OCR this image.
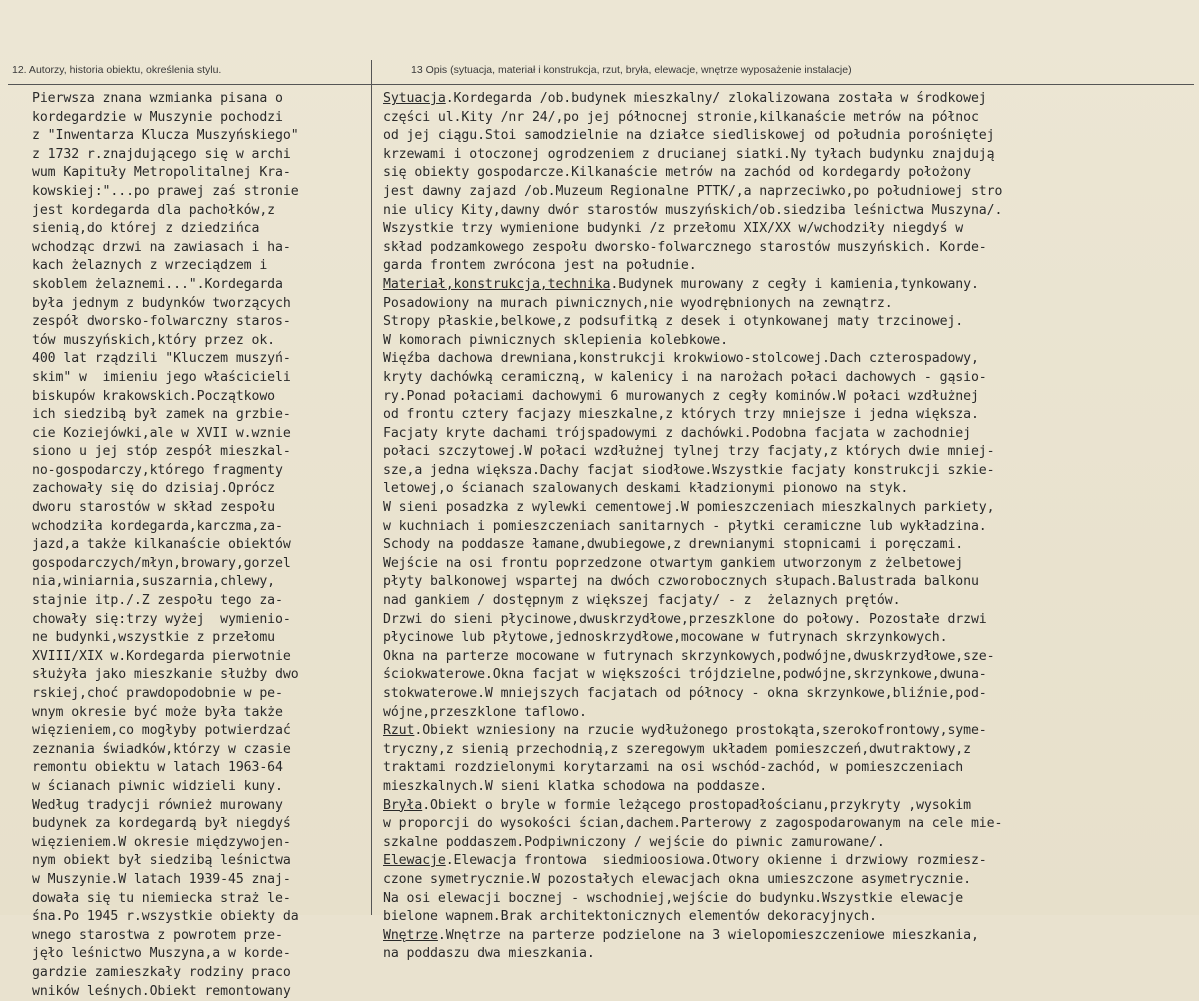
12. Autorzy, historia obiektu, określenia stylu.	13 Opis (sytuacja, materiał i konstrukcja, rzut, bryła, elewacje, wnętrze wyposażenie instalacje)
Pierwsza znana wzmianka pisana o
kordegardzie w Muszynie pochodzi
z "Inwentarza Klucza Muszyńskiego"
z 1732 r.znajdującego się w archi
wum Kapituły Metropolitalnej Kra-
kowskiej:"...po prawej zaś stronie
jest kordegarda dla pachołków,z
sienią,do której z dziedzińca
wchodząc drzwi na zawiasach i ha-
kach żelaznych z wrzeciądzem i
skoblem żelaznemi...".Kordegarda
była jednym z budynków tworzących
zespół dworsko-folwarczny staros-
tów muszyńskich,który przez ok.
400 lat rządzili "Kluczem muszyń-
skim" w  imieniu jego właścicieli
biskupów krakowskich.Początkowo
ich siedzibą był zamek na grzbie-
cie Koziejówki,ale w XVII w.wznie
siono u jej stóp zespół mieszkal-
no-gospodarczy,którego fragmenty
zachowały się do dzisiaj.Oprócz
dworu starostów w skład zespołu
wchodziła kordegarda,karczma,za-
jazd,a także kilkanaście obiektów
gospodarczych/młyn,browary,gorzel
nia,winiarnia,suszarnia,chlewy,
stajnie itp./.Z zespołu tego za-
chowały się:trzy wyżej  wymienio-
ne budynki,wszystkie z przełomu
XVIII/XIX w.Kordegarda pierwotnie
służyła jako mieszkanie służby dwo
rskiej,choć prawdopodobnie w pe-
wnym okresie być może była także
więzieniem,co mogłyby potwierdzać
zeznania świadków,którzy w czasie
remontu obiektu w latach 1963-64
w ścianach piwnic widzieli kuny.
Według tradycji również murowany
budynek za kordegardą był niegdyś
więzieniem.W okresie międzywojen-
nym obiekt był siedzibą leśnictwa
w Muszynie.W latach 1939-45 znaj-
dowała się tu niemiecka straż le-
śna.Po 1945 r.wszystkie obiekty da
wnego starostwa z powrotem prze-
jęło leśnictwo Muszyna,a w korde-
gardzie zamieszkały rodziny praco
wników leśnych.Obiekt remontowany
Sytuacja.Kordegarda /ob.budynek mieszkalny/ zlokalizowana została w środkowej
części ul.Kity /nr 24/,po jej północnej stronie,kilkanaście metrów na północ
od jej ciągu.Stoi samodzielnie na działce siedliskowej od południa porośniętej
krzewami i otoczonej ogrodzeniem z drucianej siatki.Ny tyłach budynku znajdują
się obiekty gospodarcze.Kilkanaście metrów na zachód od kordegardy położony
jest dawny zajazd /ob.Muzeum Regionalne PTTK/,a naprzeciwko,po południowej stro
nie ulicy Kity,dawny dwór starostów muszyńskich/ob.siedziba leśnictwa Muszyna/.
Wszystkie trzy wymienione budynki /z przełomu XIX/XX w/wchodziły niegdyś w
skład podzamkowego zespołu dworsko-folwarcznego starostów muszyńskich. Korde-
garda frontem zwrócona jest na południe.
Materiał,konstrukcja,technika.Budynek murowany z cegły i kamienia,tynkowany.
Posadowiony na murach piwnicznych,nie wyodrębnionych na zewnątrz.
Stropy płaskie,belkowe,z podsufitką z desek i otynkowanej maty trzcinowej.
W komorach piwnicznych sklepienia kolebkowe.
Więźba dachowa drewniana,konstrukcji krokwiowo-stolcowej.Dach czterospadowy,
kryty dachówką ceramiczną, w kalenicy i na narożach połaci dachowych - gąsio-
ry.Ponad połaciami dachowymi 6 murowanych z cegły kominów.W połaci wzdłużnej
od frontu cztery facjazy mieszkalne,z których trzy mniejsze i jedna większa.
Facjaty kryte dachami trójspadowymi z dachówki.Podobna facjata w zachodniej
połaci szczytowej.W połaci wzdłużnej tylnej trzy facjaty,z których dwie mniej-
sze,a jedna większa.Dachy facjat siodłowe.Wszystkie facjaty konstrukcji szkie-
letowej,o ścianach szalowanych deskami kładzionymi pionowo na styk.
W sieni posadzka z wylewki cementowej.W pomieszczeniach mieszkalnych parkiety,
w kuchniach i pomieszczeniach sanitarnych - płytki ceramiczne lub wykładzina.
Schody na poddasze łamane,dwubiegowe,z drewnianymi stopnicami i poręczami.
Wejście na osi frontu poprzedzone otwartym gankiem utworzonym z żelbetowej
płyty balkonowej wspartej na dwóch czworobocznych słupach.Balustrada balkonu
nad gankiem / dostępnym z większej facjaty/ - z  żelaznych prętów.
Drzwi do sieni płycinowe,dwuskrzydłowe,przeszklone do połowy. Pozostałe drzwi
płycinowe lub płytowe,jednoskrzydłowe,mocowane w futrynach skrzynkowych.
Okna na parterze mocowane w futrynach skrzynkowych,podwójne,dwuskrzydłowe,sze-
ściokwaterowe.Okna facjat w większości trójdzielne,podwójne,skrzynkowe,dwuna-
stokwaterowe.W mniejszych facjatach od północy - okna skrzynkowe,bliźnie,pod-
wójne,przeszklone taflowo.
Rzut.Obiekt wzniesiony na rzucie wydłużonego prostokąta,szerokofrontowy,syme-
tryczny,z sienią przechodnią,z szeregowym układem pomieszczeń,dwutraktowy,z
traktami rozdzielonymi korytarzami na osi wschód-zachód, w pomieszczeniach
mieszkalnych.W sieni klatka schodowa na poddasze.
Bryła.Obiekt o bryle w formie leżącego prostopadłościanu,przykryty ,wysokim
w proporcji do wysokości ścian,dachem.Parterowy z zagospodarowanym na cele mie-
szkalne poddaszem.Podpiwniczony / wejście do piwnic zamurowane/.
Elewacje.Elewacja frontowa  siedmioosiowa.Otwory okienne i drzwiowy rozmiesz-
czone symetrycznie.W pozostałych elewacjach okna umieszczone asymetrycznie.
Na osi elewacji bocznej - wschodniej,wejście do budynku.Wszystkie elewacje
bielone wapnem.Brak architektonicznych elementów dekoracyjnych.
Wnętrze.Wnętrze na parterze podzielone na 3 wielopomieszczeniowe mieszkania,
na poddaszu dwa mieszkania.
